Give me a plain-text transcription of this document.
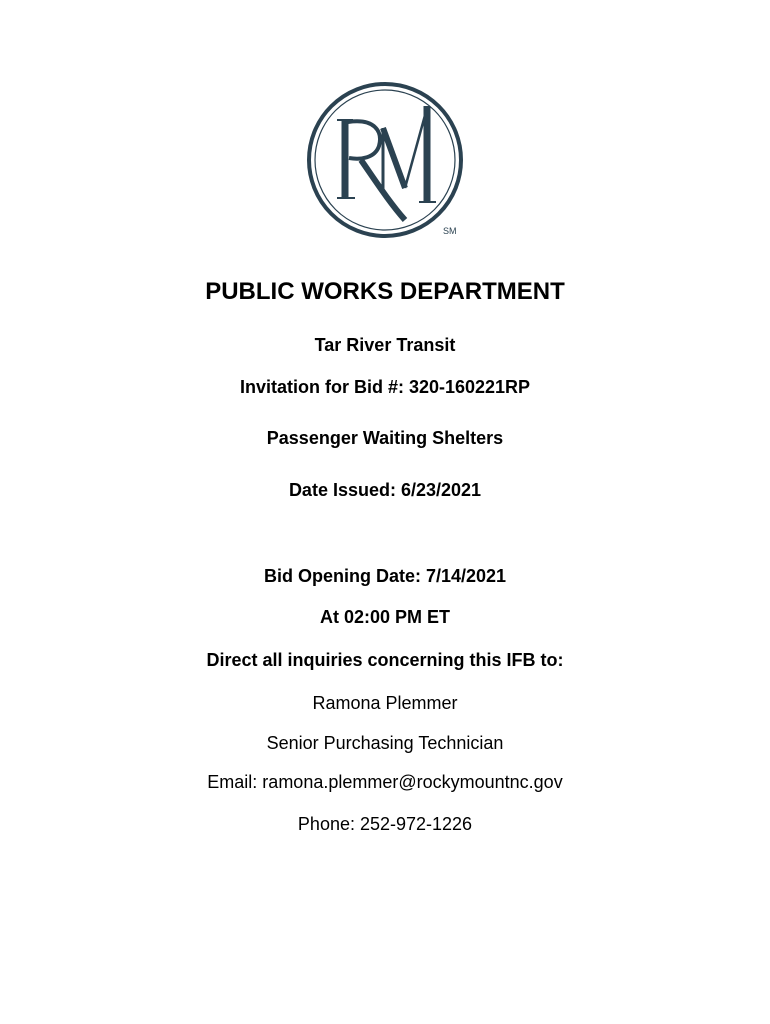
SM
PUBLIC WORKS DEPARTMENT
Tar River Transit
Invitation for Bid #: 320-160221RP
Passenger Waiting Shelters
Date Issued: 6/23/2021
Bid Opening Date: 7/14/2021
At 02:00 PM ET
Direct all inquiries concerning this IFB to:
Ramona Plemmer
Senior Purchasing Technician
Email: ramona.plemmer@rockymountnc.gov
Phone: 252-972-1226
